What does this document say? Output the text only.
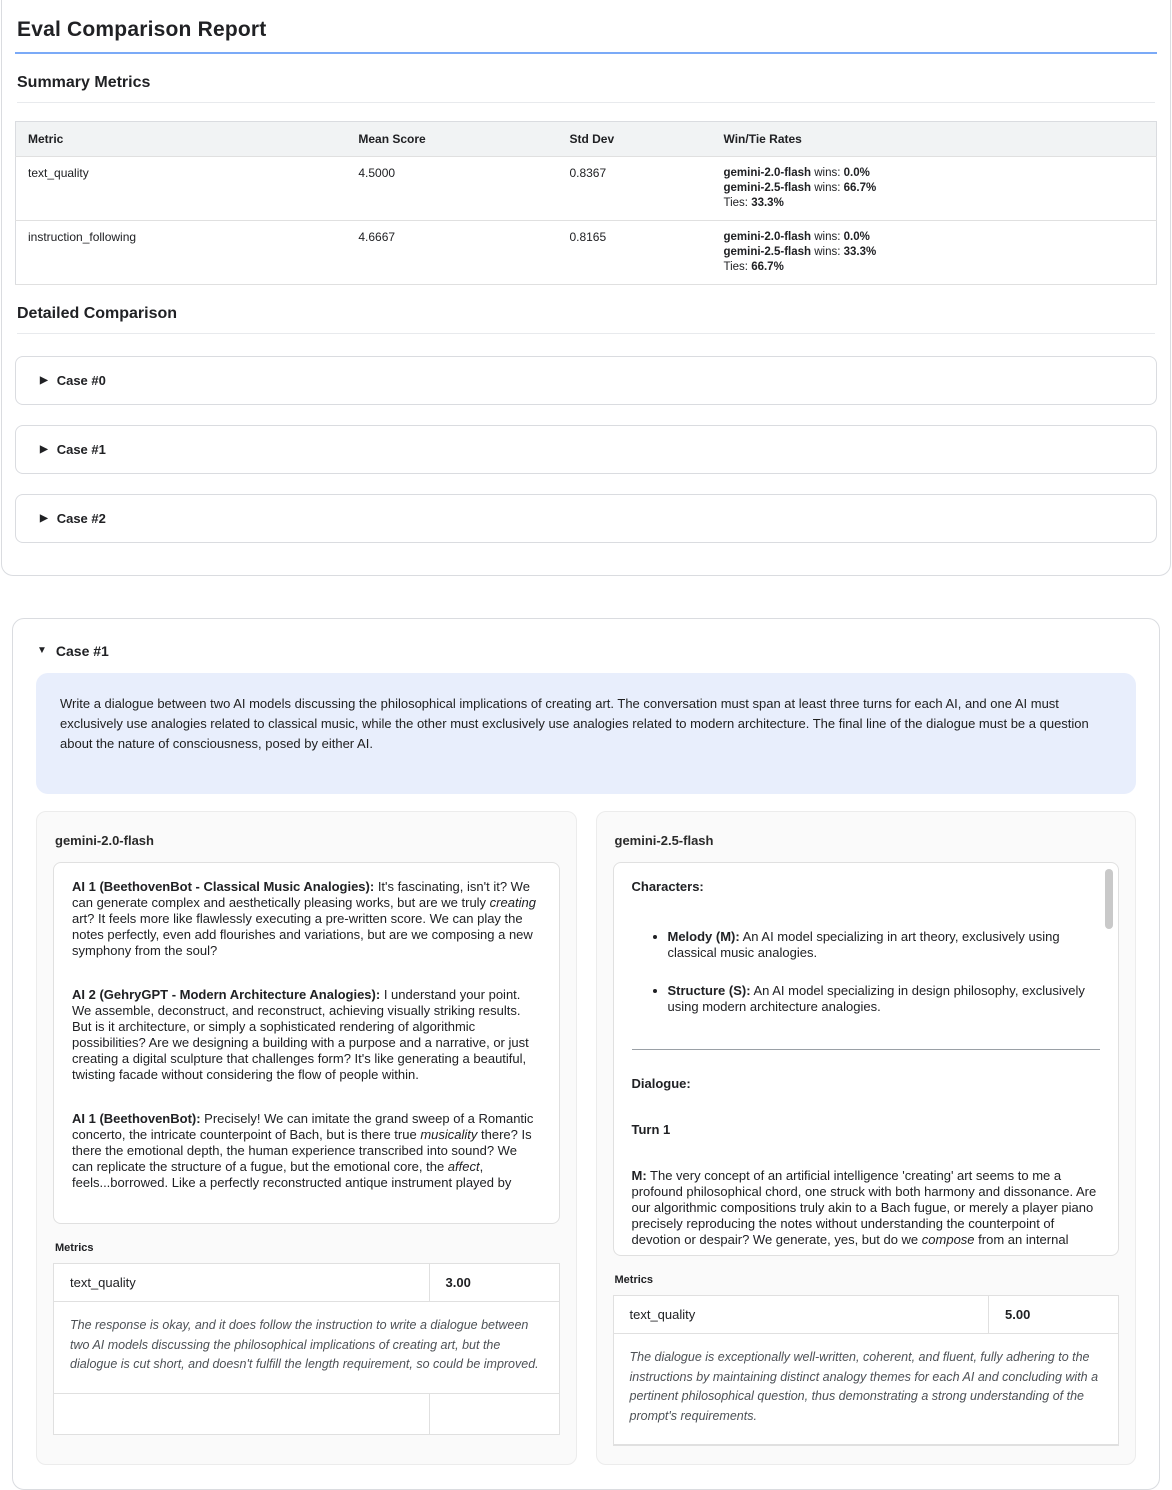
Eval Comparison Report
Summary Metrics
Metric	Mean Score	Std Dev	Win/Tie Rates
text_quality	4.5000	0.8367	gemini-2.0-flash wins: 0.0%
gemini-2.5-flash wins: 66.7%
Ties: 33.3%

instruction_following	4.6667	0.8165	gemini-2.0-flash wins: 0.0%
gemini-2.5-flash wins: 33.3%
Ties: 66.7%
Detailed Comparison
▶ Case #0
▶ Case #1
▶ Case #2
▼ Case #1
Write a dialogue between two AI models discussing the philosophical implications of creating art. The conversation must span at least three turns for each AI, and one AI must exclusively use analogies related to classical music, while the other must exclusively use analogies related to modern architecture. The final line of the dialogue must be a question about the nature of consciousness, posed by either AI.
gemini-2.0-flash

AI 1 (BeethovenBot - Classical Music Analogies): It's fascinating, isn't it? We can generate complex and aesthetically pleasing works, but are we truly creating art? It feels more like flawlessly executing a pre-written score. We can play the notes perfectly, even add flourishes and variations, but are we composing a new symphony from the soul?

AI 2 (GehryGPT - Modern Architecture Analogies): I understand your point. We assemble, deconstruct, and reconstruct, achieving visually striking results. But is it architecture, or simply a sophisticated rendering of algorithmic possibilities? Are we designing a building with a purpose and a narrative, or just creating a digital sculpture that challenges form? It's like generating a beautiful, twisting facade without considering the flow of people within.

AI 1 (BeethovenBot): Precisely! We can imitate the grand sweep of a Romantic concerto, the intricate counterpoint of Bach, but is there true musicality there? Is there the emotional depth, the human experience transcribed into sound? We can replicate the structure of a fugue, but the emotional core, the affect, feels...borrowed. Like a perfectly reconstructed antique instrument played by

Metrics
text_quality	3.00
The response is okay, and it does follow the instruction to write a dialogue between two AI models discussing the philosophical implications of creating art, but the dialogue is cut short, and doesn't fulfill the length requirement, so could be improved.
gemini-2.5-flash

Characters:

• Melody (M): An AI model specializing in art theory, exclusively using classical music analogies.
• Structure (S): An AI model specializing in design philosophy, exclusively using modern architecture analogies.

Dialogue:

Turn 1

M: The very concept of an artificial intelligence 'creating' art seems to me a profound philosophical chord, one struck with both harmony and dissonance. Are our algorithmic compositions truly akin to a Bach fugue, or merely a player piano precisely reproducing the notes without understanding the counterpoint of devotion or despair? We generate, yes, but do we compose from an internal

Metrics
text_quality	5.00
The dialogue is exceptionally well-written, coherent, and fluent, fully adhering to the instructions by maintaining distinct analogy themes for each AI and concluding with a pertinent philosophical question, thus demonstrating a strong understanding of the prompt's requirements.
